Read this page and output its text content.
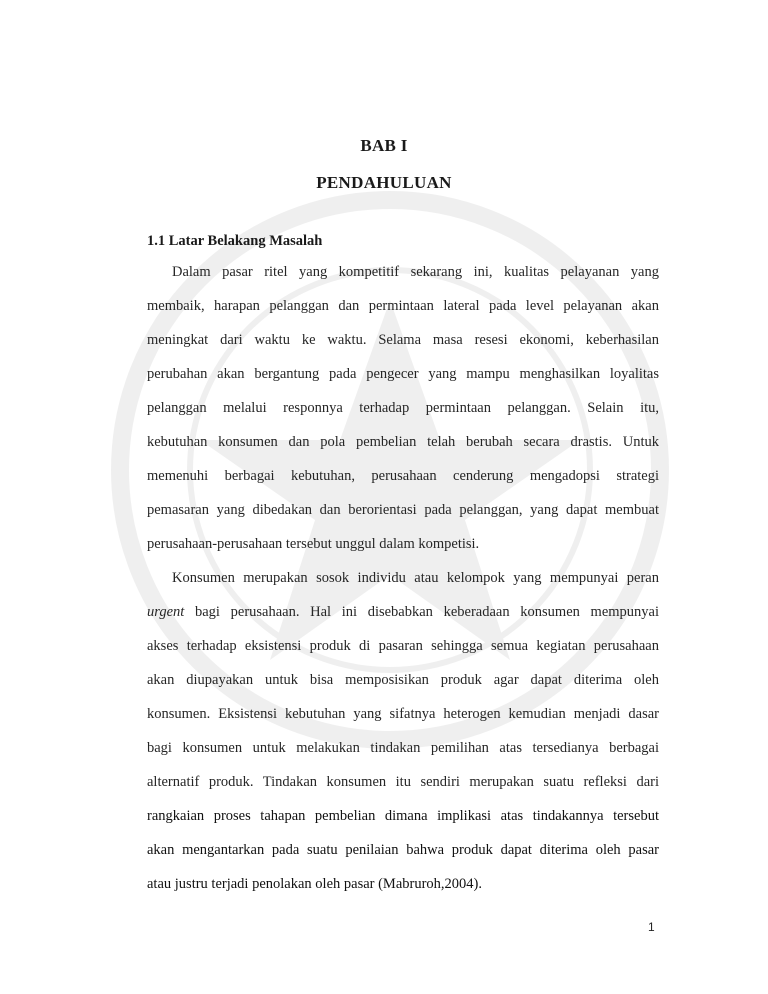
BAB I
PENDAHULUAN
1.1 Latar Belakang Masalah
Dalam pasar ritel yang kompetitif sekarang ini, kualitas pelayanan yang
membaik, harapan pelanggan dan permintaan lateral pada level pelayanan akan
meningkat dari waktu ke waktu. Selama masa resesi ekonomi, keberhasilan
perubahan akan bergantung pada pengecer yang mampu menghasilkan loyalitas
pelanggan melalui responnya terhadap permintaan pelanggan. Selain itu,
kebutuhan konsumen dan pola pembelian telah berubah secara drastis. Untuk
memenuhi berbagai kebutuhan, perusahaan cenderung mengadopsi strategi
pemasaran yang dibedakan dan berorientasi pada pelanggan, yang dapat membuat
perusahaan-perusahaan tersebut unggul dalam kompetisi.
Konsumen merupakan sosok individu atau kelompok yang mempunyai peran
urgent bagi perusahaan. Hal ini disebabkan keberadaan konsumen mempunyai
akses terhadap eksistensi produk di pasaran sehingga semua kegiatan perusahaan
akan diupayakan untuk bisa memposisikan produk agar dapat diterima oleh
konsumen. Eksistensi kebutuhan yang sifatnya heterogen kemudian menjadi dasar
bagi konsumen untuk melakukan tindakan pemilihan atas tersedianya berbagai
alternatif produk. Tindakan konsumen itu sendiri merupakan suatu refleksi dari
rangkaian proses tahapan pembelian dimana implikasi atas tindakannya tersebut
akan mengantarkan pada suatu penilaian bahwa produk dapat diterima oleh pasar
atau justru terjadi penolakan oleh pasar (Mabruroh,2004).
1
